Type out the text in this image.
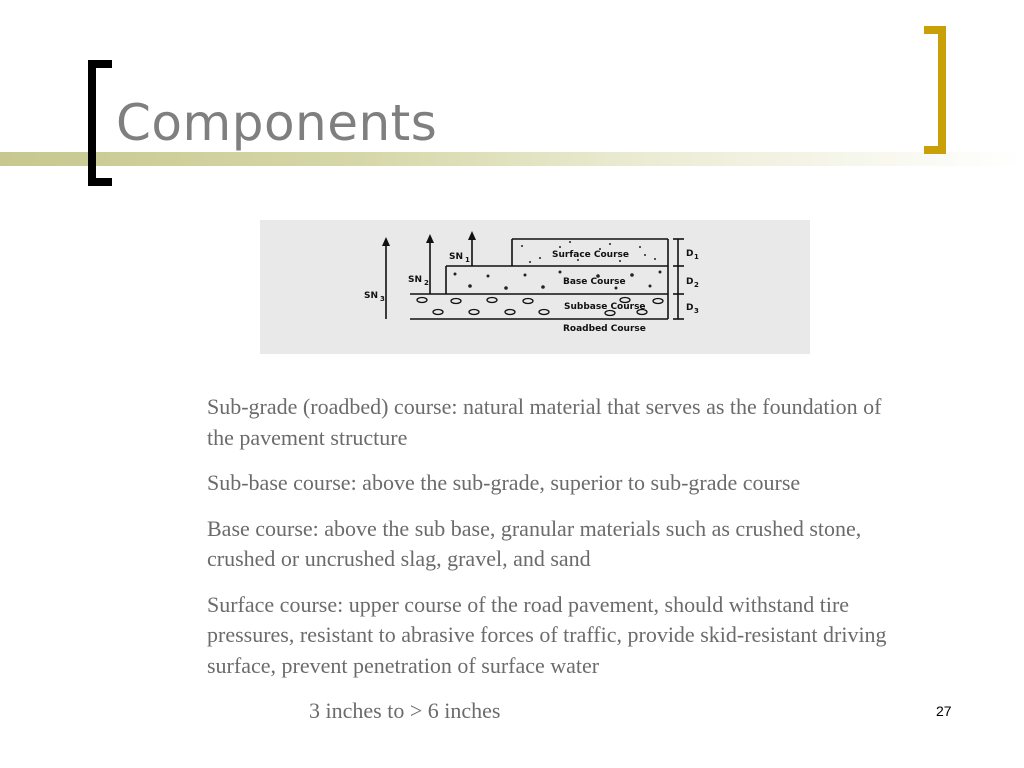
Components
Surface Course
Base Course
Subbase Course
Roadbed Course
SN 1
SN 2
SN 3
D 1
D 2
D 3

Sub-grade (roadbed) course: natural material that serves as the foundation of the pavement structure

Sub-base course: above the sub-grade, superior to sub-grade course

Base course: above the sub base, granular materials such as crushed stone, crushed or uncrushed slag, gravel, and sand

Surface course: upper course of the road pavement, should withstand tire pressures, resistant to abrasive forces of traffic, provide skid-resistant driving surface, prevent penetration of surface water

3 inches to > 6 inches	27
